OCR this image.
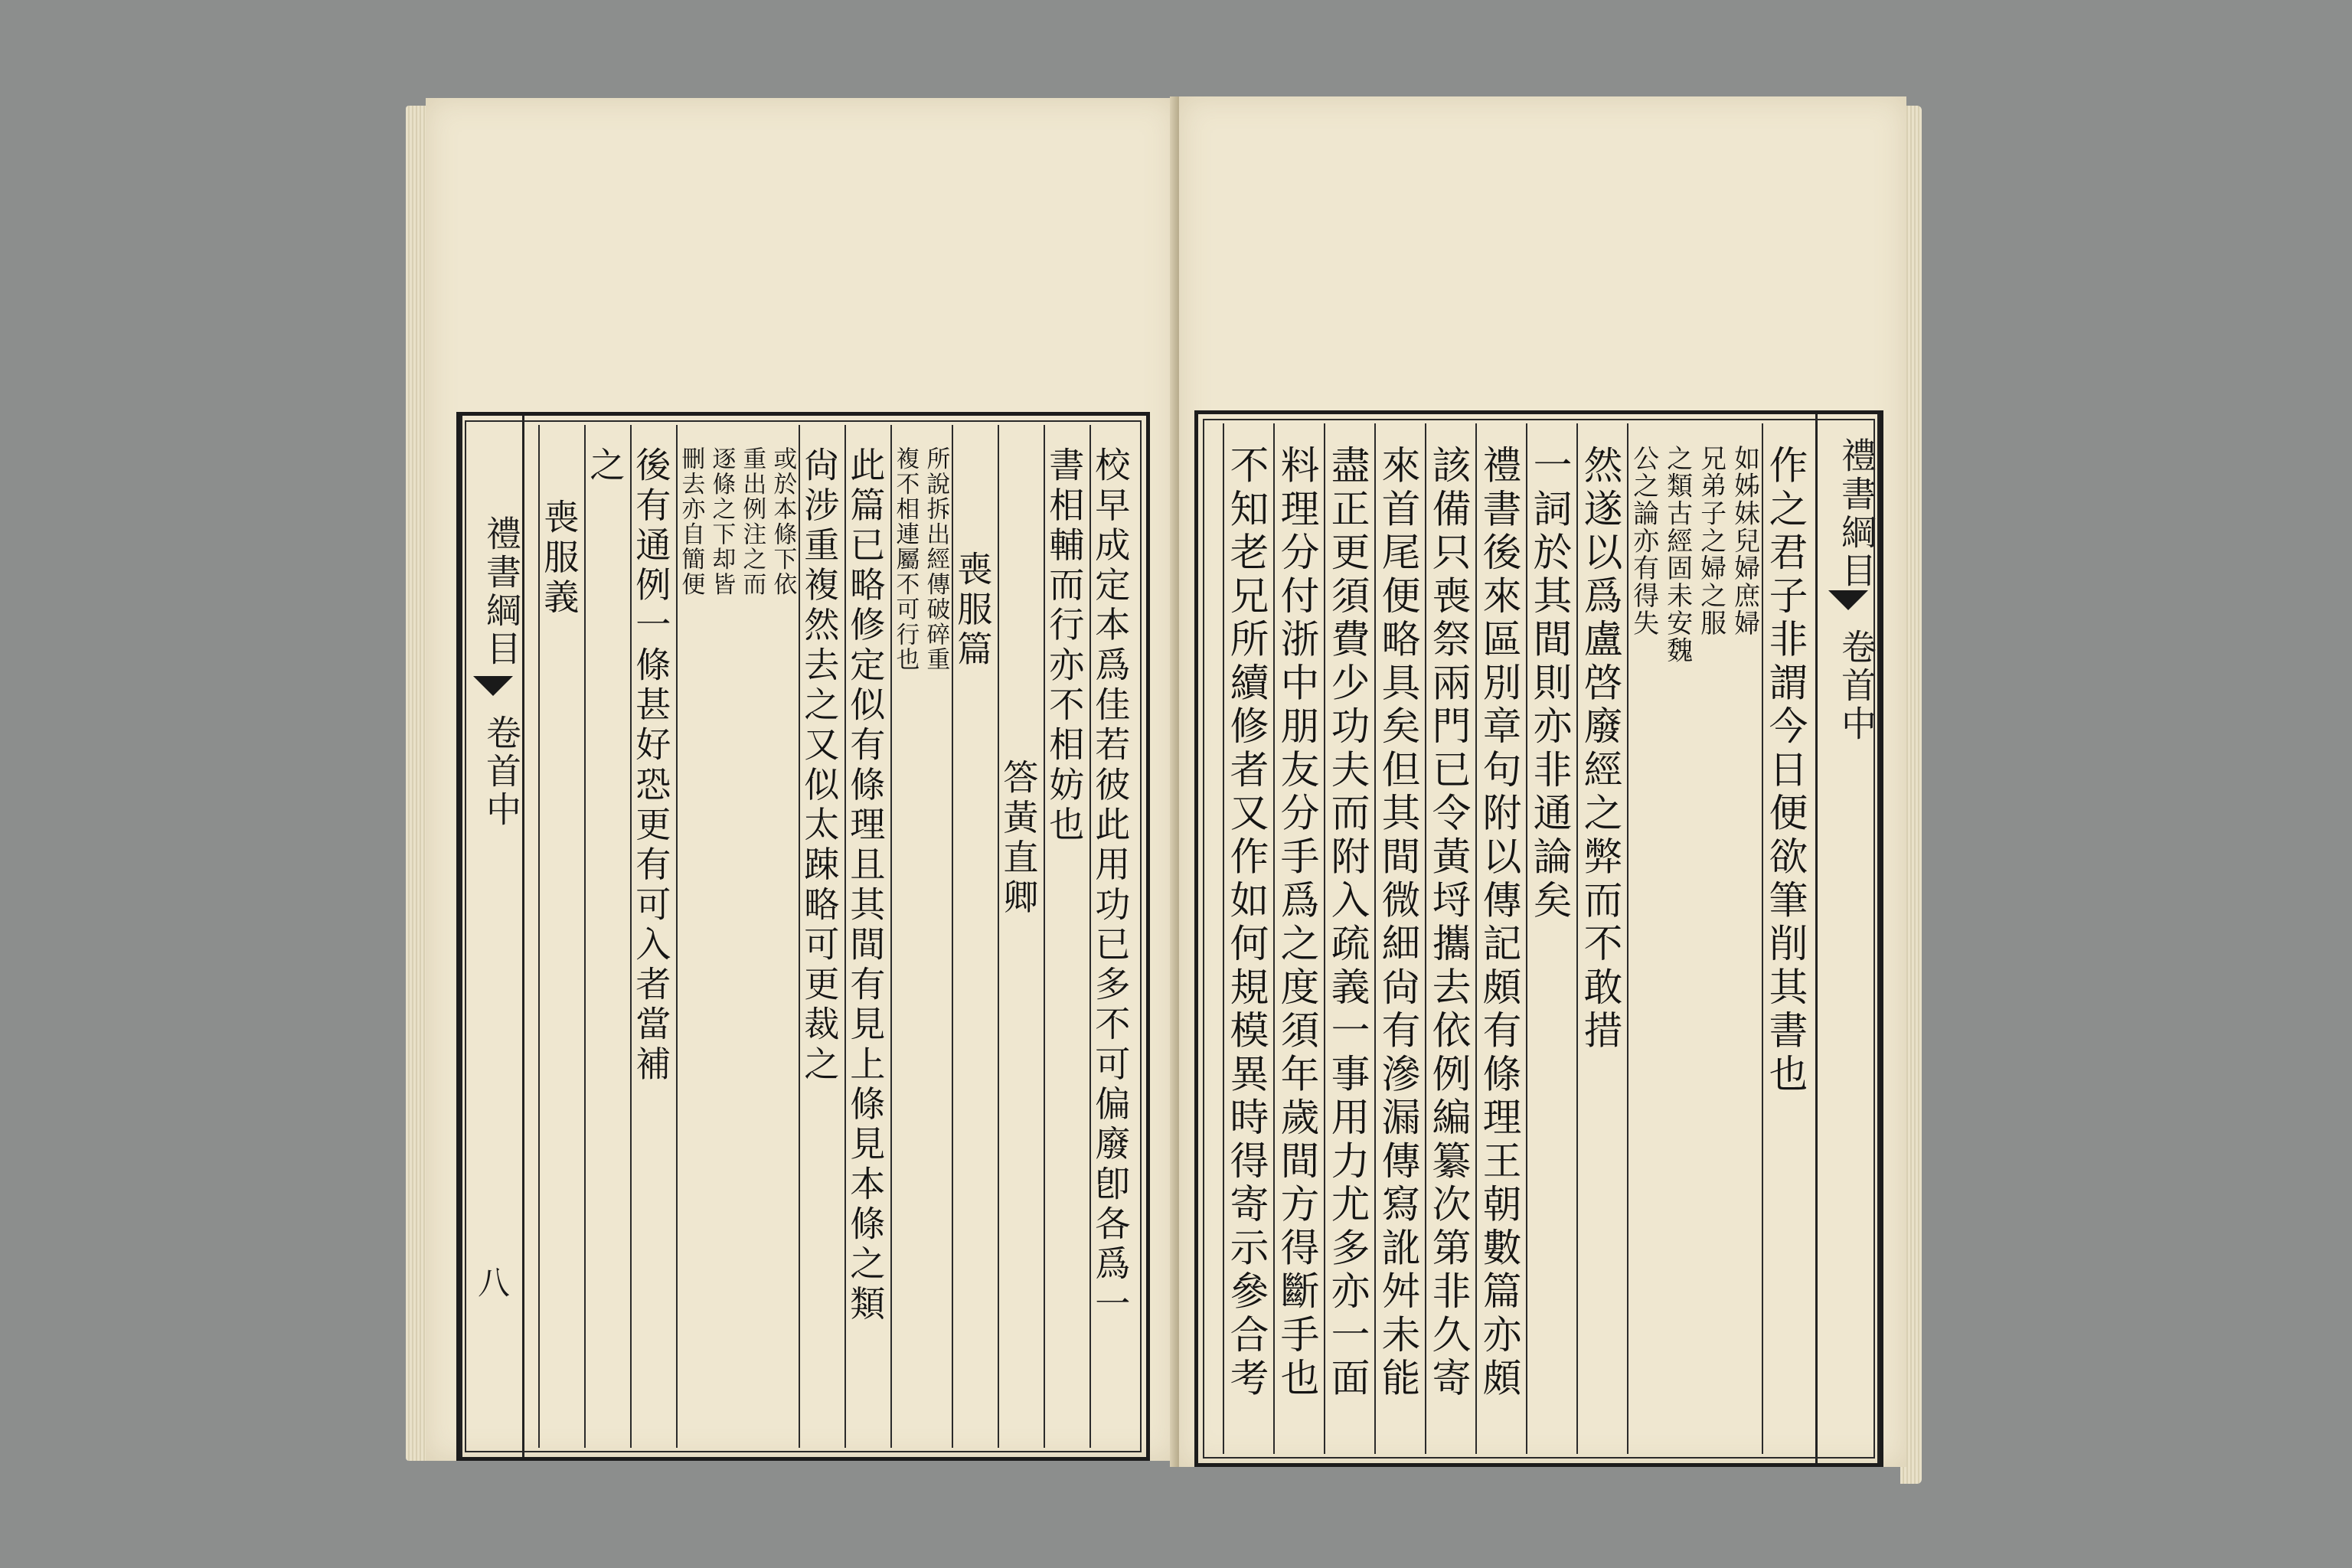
禮書綱目
卷首中
八	校早成定本爲佳若彼此用功已多不可偏廢卽各爲一
書相輔而行亦不相妨也
答黃直卿
喪服篇
所說拆出經傳破碎重
複不相連屬不可行也
此篇已略修定似有條理且其間有見上條見本條之類
尙涉重複然去之又似太踈略可更裁之
或於本條下依
重出例注之而
逐條之下却皆
刪去亦自簡便
後有通例一條甚好恐更有可入者當補
之
喪服義	禮書綱目
卷首中
作之君子非謂今日便欲筆削其書也
如姊妹兒婦庶婦
兄弟子之婦之服
之類古經固未安魏
公之論亦有得失
然遂以爲盧啓廢經之弊而不敢措
一詞於其間則亦非通論矣
禮書後來區別章句附以傳記頗有條理王朝數篇亦頗
該備只喪祭兩門已令黃埒攜去依例編纂次第非久寄
來首尾便略具矣但其間微細尙有滲漏傳寫訛舛未能
盡正更須費少功夫而附入疏義一事用力尤多亦一面
料理分付浙中朋友分手爲之度須年歲間方得斷手也
不知老兄所續修者又作如何規模異時得寄示參合考
